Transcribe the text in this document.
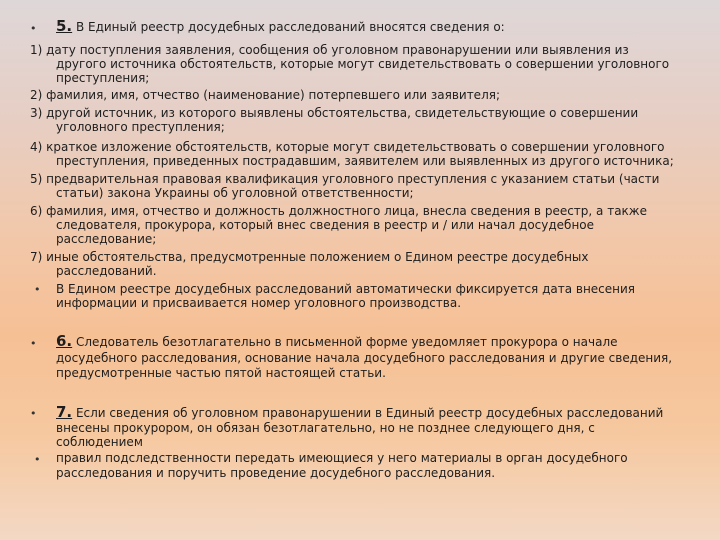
• 5. В Единый реестр досудебных расследований вносятся сведения о:
1) дату поступления заявления, сообщения об уголовном правонарушении или выявления из
другого источника обстоятельств, которые могут свидетельствовать о совершении уголовного
преступления;
2) фамилия, имя, отчество (наименование) потерпевшего или заявителя;
3) другой источник, из которого выявлены обстоятельства, свидетельствующие о совершении
уголовного преступления;
4) краткое изложение обстоятельств, которые могут свидетельствовать о совершении уголовного
преступления, приведенных пострадавшим, заявителем или выявленных из другого источника;
5) предварительная правовая квалификация уголовного преступления с указанием статьи (части
статьи) закона Украины об уголовной ответственности;
6) фамилия, имя, отчество и должность должностного лица, внесла сведения в реестр, а также
следователя, прокурора, который внес сведения в реестр и / или начал досудебное
расследование;
7) иные обстоятельства, предусмотренные положением о Едином реестре досудебных
расследований.
• В Едином реестре досудебных расследований автоматически фиксируется дата внесения
информации и присваивается номер уголовного производства.
• 6. Следователь безотлагательно в письменной форме уведомляет прокурора о начале
досудебного расследования, основание начала досудебного расследования и другие сведения,
предусмотренные частью пятой настоящей статьи.
• 7. Если сведения об уголовном правонарушении в Единый реестр досудебных расследований
внесены прокурором, он обязан безотлагательно, но не позднее следующего дня, с
соблюдением
• правил подследственности передать имеющиеся у него материалы в орган досудебного
расследования и поручить проведение досудебного расследования.
